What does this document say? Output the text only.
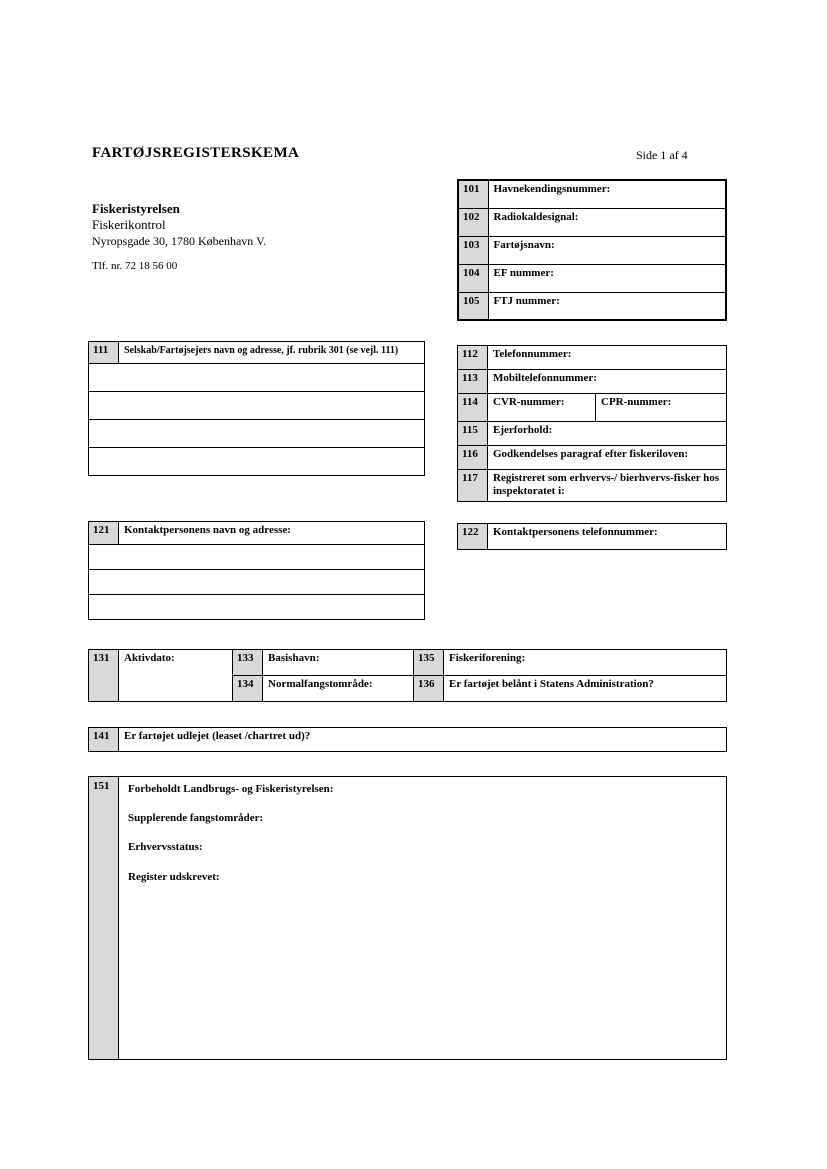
FARTØJSREGISTERSKEMA	Side 1 af 4
Fiskeristyrelsen
Fiskerikontrol
Nyropsgade 30, 1780 København V.
Tlf. nr. 72 18 56 00
101	Havnekendingsnummer:
102	Radiokaldesignal:
103	Fartøjsnavn:
104	EF nummer:
105	FTJ nummer:
111	Selskab/Fartøjsejers navn og adresse, jf. rubrik 301 (se vejl. 111)	112	Telefonnummer:	
113	Mobiltelefonnummer:	
114	CVR-nummer:	CPR-nummer:
115	Ejerforhold:	
116	Godkendelses paragraf efter fiskeriloven:	
117	Registreret som erhvervs-/ bierhvervs-fisker hos inspektoratet i:	
121	Kontaktpersonens navn og adresse:	122	Kontaktpersonens telefonnummer:
131	Aktivdato:	133	Basishavn:	135	Fiskeriforening:
		134	Normalfangstområde:	136	Er fartøjet belånt i Statens Administration?
141	Er fartøjet udlejet (leaset /chartret ud)?
151	Forbeholdt Landbrugs- og Fiskeristyrelsen:
Supplerende fangstområder:
Erhvervsstatus:
Register udskrevet:
